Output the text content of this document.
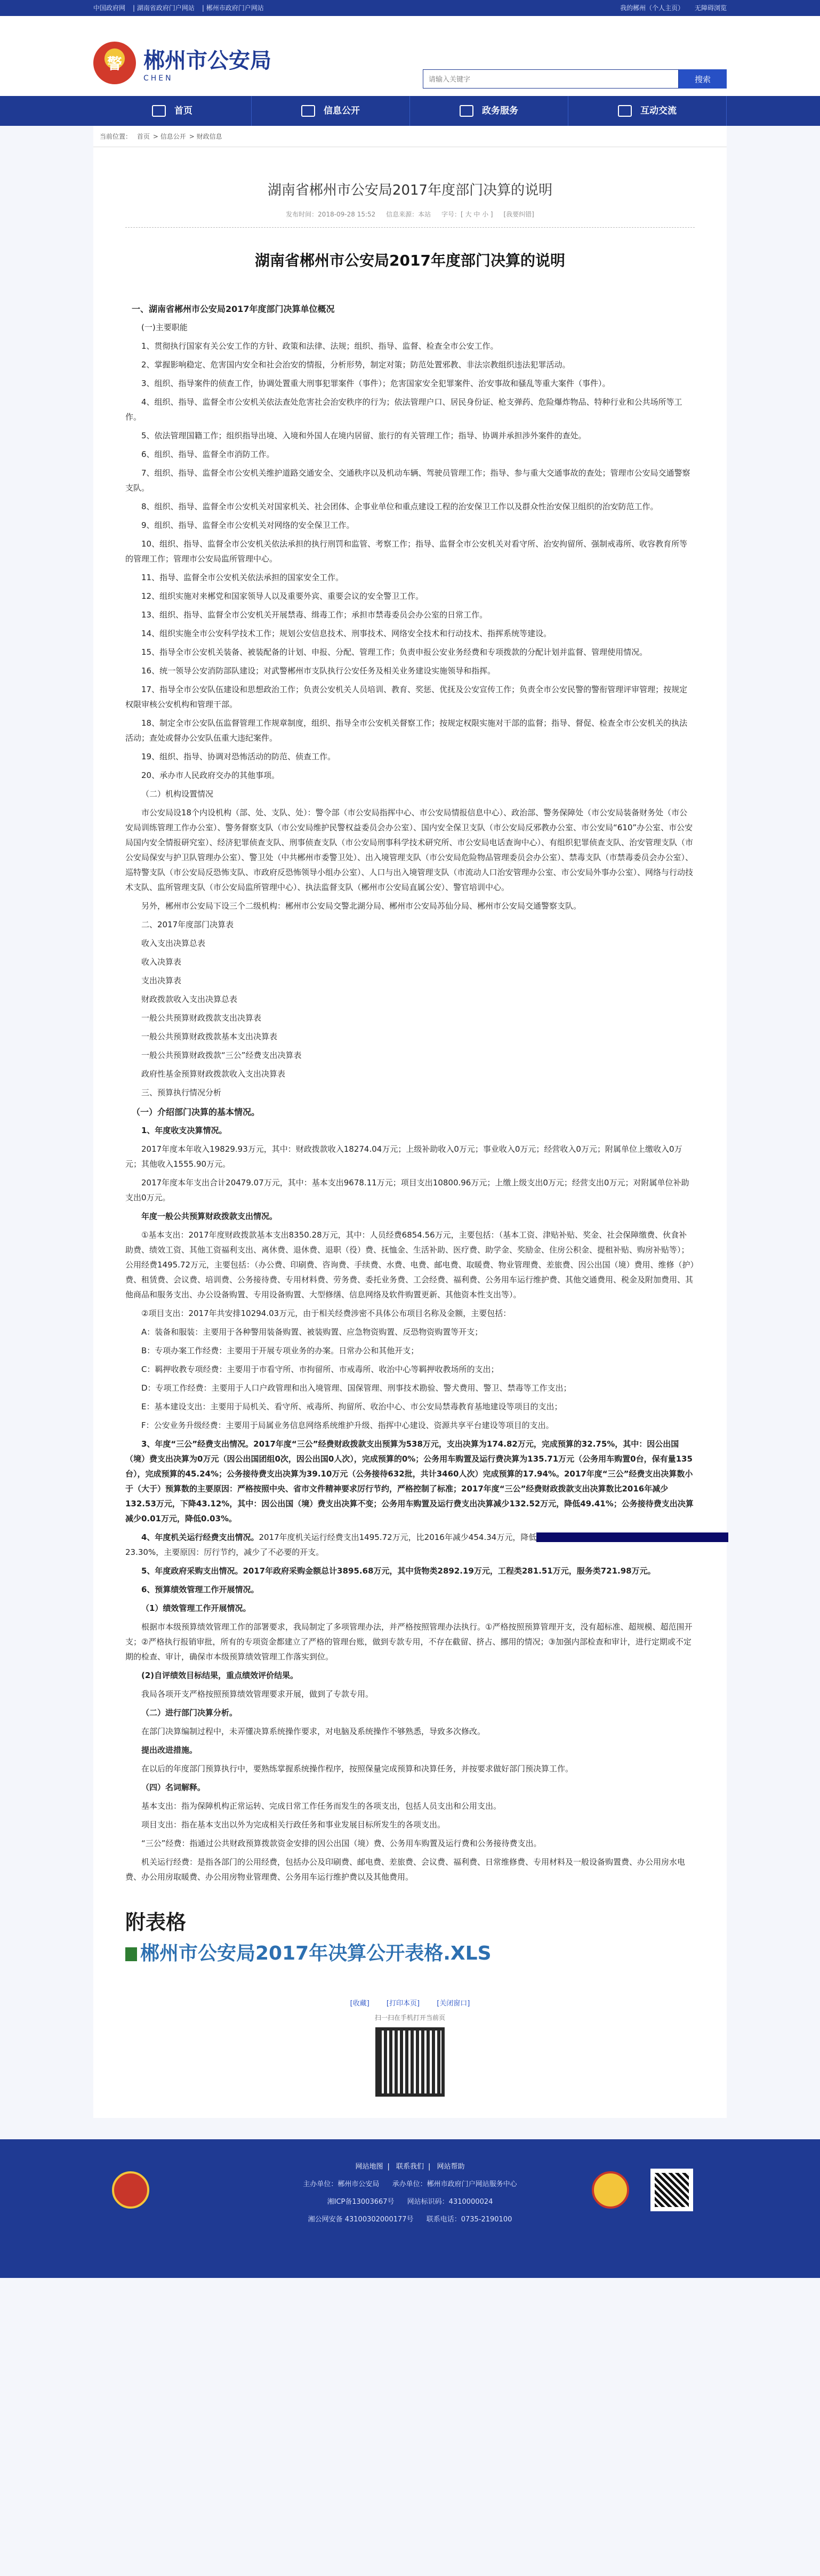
中国政府网 | 湖南省政府门户网站 | 郴州市政府门户网站	我的郴州（个人主页） 无障碍浏览
警	郴州市公安局
CHEN
请输入关键字	搜索
首页	信息公开	政务服务	互动交流
当前位置： 首页 > 信息公开 > 财政信息
湖南省郴州市公安局2017年度部门决算的说明
发布时间：2018-09-28 15:52 信息来源：本站 字号：[ 大 中 小 ] [我要纠错]
湖南省郴州市公安局2017年度部门决算的说明
一、湖南省郴州市公安局2017年度部门决算单位概况

(一)主要职能

1、贯彻执行国家有关公安工作的方针、政策和法律、法规；组织、指导、监督、检查全市公安工作。

2、掌握影响稳定、危害国内安全和社会治安的情报，分析形势，制定对策；防范处置邪教、非法宗教组织违法犯罪活动。

3、组织、指导案件的侦查工作，协调处置重大刑事犯罪案件（事件）；危害国家安全犯罪案件、治安事故和骚乱等重大案件（事件）。

4、组织、指导、监督全市公安机关依法查处危害社会治安秩序的行为；依法管理户口、居民身份证、枪支弹药、危险爆炸物品、特种行业和公共场所等工作。

5、依法管理国籍工作；组织指导出境、入境和外国人在境内居留、旅行的有关管理工作；指导、协调并承担涉外案件的查处。

6、组织、指导、监督全市消防工作。

7、组织、指导、监督全市公安机关维护道路交通安全、交通秩序以及机动车辆、驾驶员管理工作；指导、参与重大交通事故的查处；管理市公安局交通警察支队。

8、组织、指导、监督全市公安机关对国家机关、社会团体、企事业单位和重点建设工程的治安保卫工作以及群众性治安保卫组织的治安防范工作。

9、组织、指导、监督全市公安机关对网络的安全保卫工作。

10、组织、指导、监督全市公安机关依法承担的执行刑罚和监管、考察工作；指导、监督全市公安机关对看守所、治安拘留所、强制戒毒所、收容教育所等的管理工作；管理市公安局监所管理中心。

11、指导、监督全市公安机关依法承担的国家安全工作。

12、组织实施对来郴党和国家领导人以及重要外宾、重要会议的安全警卫工作。

13、组织、指导、监督全市公安机关开展禁毒、缉毒工作；承担市禁毒委员会办公室的日常工作。

14、组织实施全市公安科学技术工作；规划公安信息技术、刑事技术、网络安全技术和行动技术、指挥系统等建设。

15、指导全市公安机关装备、被装配备的计划、申报、分配、管理工作；负责申报公安业务经费和专项拨款的分配计划并监督、管理使用情况。

16、统一领导公安消防部队建设；对武警郴州市支队执行公安任务及相关业务建设实施领导和指挥。

17、指导全市公安队伍建设和思想政治工作；负责公安机关人员培训、教育、奖惩、优抚及公安宣传工作；负责全市公安民警的警衔管理评审管理；按规定权限审核公安机构和管理干部。

18、制定全市公安队伍监督管理工作规章制度，组织、指导全市公安机关督察工作；按规定权限实施对干部的监督；指导、督促、检查全市公安机关的执法活动；查处或督办公安队伍重大违纪案件。

19、组织、指导、协调对恐怖活动的防范、侦查工作。

20、承办市人民政府交办的其他事项。

（二）机构设置情况

市公安局设18个内设机构（部、处、支队、处）：警令部（市公安局指挥中心、市公安局情报信息中心）、政治部、警务保障处（市公安局装备财务处（市公安局训练管理工作办公室）、警务督察支队（市公安局维护民警权益委员会办公室）、国内安全保卫支队（市公安局反邪教办公室、市公安局“610”办公室、市公安局国内安全情报研究室）、经济犯罪侦查支队、刑事侦查支队（市公安局刑事科学技术研究所、市公安局电话查询中心）、有组织犯罪侦查支队、治安管理支队（市公安局保安与护卫队管理办公室）、警卫处（中共郴州市委警卫处）、出入境管理支队（市公安局危险物品管理委员会办公室）、禁毒支队（市禁毒委员会办公室）、巡特警支队（市公安局反恐怖支队、市政府反恐怖领导小组办公室）、人口与出入境管理支队（市流动人口治安管理办公室、市公安局外事办公室）、网络与行动技术支队、监所管理支队（市公安局监所管理中心）、执法监督支队（郴州市公安局直属公安）、警官培训中心。

另外，郴州市公安局下设三个二级机构：郴州市公安局交警北湖分局、郴州市公安局苏仙分局、郴州市公安局交通警察支队。

二、2017年度部门决算表

收入支出决算总表

收入决算表

支出决算表

财政拨款收入支出决算总表

一般公共预算财政拨款支出决算表

一般公共预算财政拨款基本支出决算表

一般公共预算财政拨款“三公”经费支出决算表

政府性基金预算财政拨款收入支出决算表

三、预算执行情况分析

（一）介绍部门决算的基本情况。

1、年度收支决算情况。

2017年度本年收入19829.93万元，其中：财政拨款收入18274.04万元；上级补助收入0万元；事业收入0万元；经营收入0万元；附属单位上缴收入0万元；其他收入1555.90万元。

2017年度本年支出合计20479.07万元，其中：基本支出9678.11万元；项目支出10800.96万元；上缴上级支出0万元；经营支出0万元；对附属单位补助支出0万元。

年度一般公共预算财政拨款支出情况。

①基本支出：2017年度财政拨款基本支出8350.28万元，其中：人员经费6854.56万元，主要包括：（基本工资、津贴补贴、奖金、社会保障缴费、伙食补助费、绩效工资、其他工资福利支出、离休费、退休费、退职（役）费、抚恤金、生活补助、医疗费、助学金、奖励金、住房公积金、提租补贴、购房补贴等）；公用经费1495.72万元，主要包括：（办公费、印刷费、咨询费、手续费、水费、电费、邮电费、取暖费、物业管理费、差旅费、因公出国（境）费用、维修（护）费、租赁费、会议费、培训费、公务接待费、专用材料费、劳务费、委托业务费、工会经费、福利费、公务用车运行维护费、其他交通费用、税金及附加费用、其他商品和服务支出、办公设备购置、专用设备购置、大型修缮、信息网络及软件购置更新、其他资本性支出等）。

②项目支出：2017年共安排10294.03万元，由于相关经费涉密不具体公布项目名称及金额，主要包括：

A：装备和服装：主要用于各种警用装备购置、被装购置、应急物资购置、反恐物资购置等开支；

B：专项办案工作经费：主要用于开展专项业务的办案。日常办公和其他开支；

C：羁押收教专项经费：主要用于市看守所、市拘留所、市戒毒所、收治中心等羁押收教场所的支出；

D：专项工作经费：主要用于人口户政管理和出入境管理、国保管理、刑事技术勘验、警犬费用、警卫、禁毒等工作支出；

E：基本建设支出：主要用于局机关、看守所、戒毒所、拘留所、收治中心、市公安局禁毒教育基地建设等项目的支出；

F：公安业务升级经费：主要用于局属业务信息网络系统维护升级、指挥中心建设、资源共享平台建设等项目的支出。

3、年度“三公”经费支出情况。2017年度“三公”经费财政拨款支出预算为538万元，支出决算为174.82万元，完成预算的32.75%，其中：因公出国（境）费支出决算为0万元（因公出国团组0次，因公出国0人次），完成预算的0%；公务用车购置及运行费决算为135.71万元（公务用车购置0台，保有量135台），完成预算的45.24%；公务接待费支出决算为39.10万元（公务接待632批，共计3460人次）完成预算的17.94%。2017年度“三公”经费支出决算数小于（大于）预算数的主要原因：严格按照中央、省市文件精神要求厉行节约，严格控制了标准；2017年度“三公”经费财政拨款支出决算数比2016年减少132.53万元，下降43.12%，其中：因公出国（境）费支出决算不变；公务用车购置及运行费支出决算减少132.52万元，降低49.41%；公务接待费支出决算减少0.01万元，降低0.03%。

4、年度机关运行经费支出情况。2017年度机关运行经费支出1495.72万元，比2016年减少454.34万元，降低　　　　　　　　　　　　　　　　　　　　　　　　23.30%，主要原因：厉行节约，减少了不必要的开支。

5、年度政府采购支出情况。2017年政府采购金额总计3895.68万元，其中货物类2892.19万元，工程类281.51万元，服务类721.98万元。

6、预算绩效管理工作开展情况。

（1）绩效管理工作开展情况。

根据市本级预算绩效管理工作的部署要求，我局制定了多项管理办法，并严格按照管理办法执行。①严格按照预算管理开支，没有超标准、超规模、超范围开支；②严格执行报销审批，所有的专项资金都建立了严格的管理台账，做到专款专用，不存在截留、挤占、挪用的情况；③加强内部检查和审计，进行定期或不定期的检查、审计，确保市本级预算绩效管理工作落实到位。

(2)自评绩效目标结果，重点绩效评价结果。

我局各项开支严格按照预算绩效管理要求开展，做到了专款专用。

（二）进行部门决算分析。

在部门决算编制过程中，未弄懂决算系统操作要求，对电脑及系统操作不够熟悉，导致多次修改。

提出改进措施。

在以后的年度部门预算执行中，要熟练掌握系统操作程序，按照保量完成预算和决算任务，并按要求做好部门预决算工作。

（四）名词解释。

基本支出：指为保障机构正常运转、完成日常工作任务而发生的各项支出，包括人员支出和公用支出。

项目支出：指在基本支出以外为完成相关行政任务和事业发展目标所发生的各项支出。

“三公”经费：指通过公共财政预算拨款资金安排的因公出国（境）费、公务用车购置及运行费和公务接待费支出。

机关运行经费：是指各部门的公用经费，包括办公及印刷费、邮电费、差旅费、会议费、福利费、日常维修费、专用材料及一般设备购置费、办公用房水电费、办公用房取暖费、办公用房物业管理费、公务用车运行维护费以及其他费用。

附表格
郴州市公安局2017年决算公开表格.XLS
[收藏] [打印本页] [关闭窗口]
扫一扫在手机打开当前页
网站地图 | 联系我们 | 网站帮助
主办单位：郴州市公安局 承办单位：郴州市政府门户网站服务中心
湘ICP备13003667号 网站标识码：4310000024
湘公网安备 43100302000177号 联系电话：0735-2190100
